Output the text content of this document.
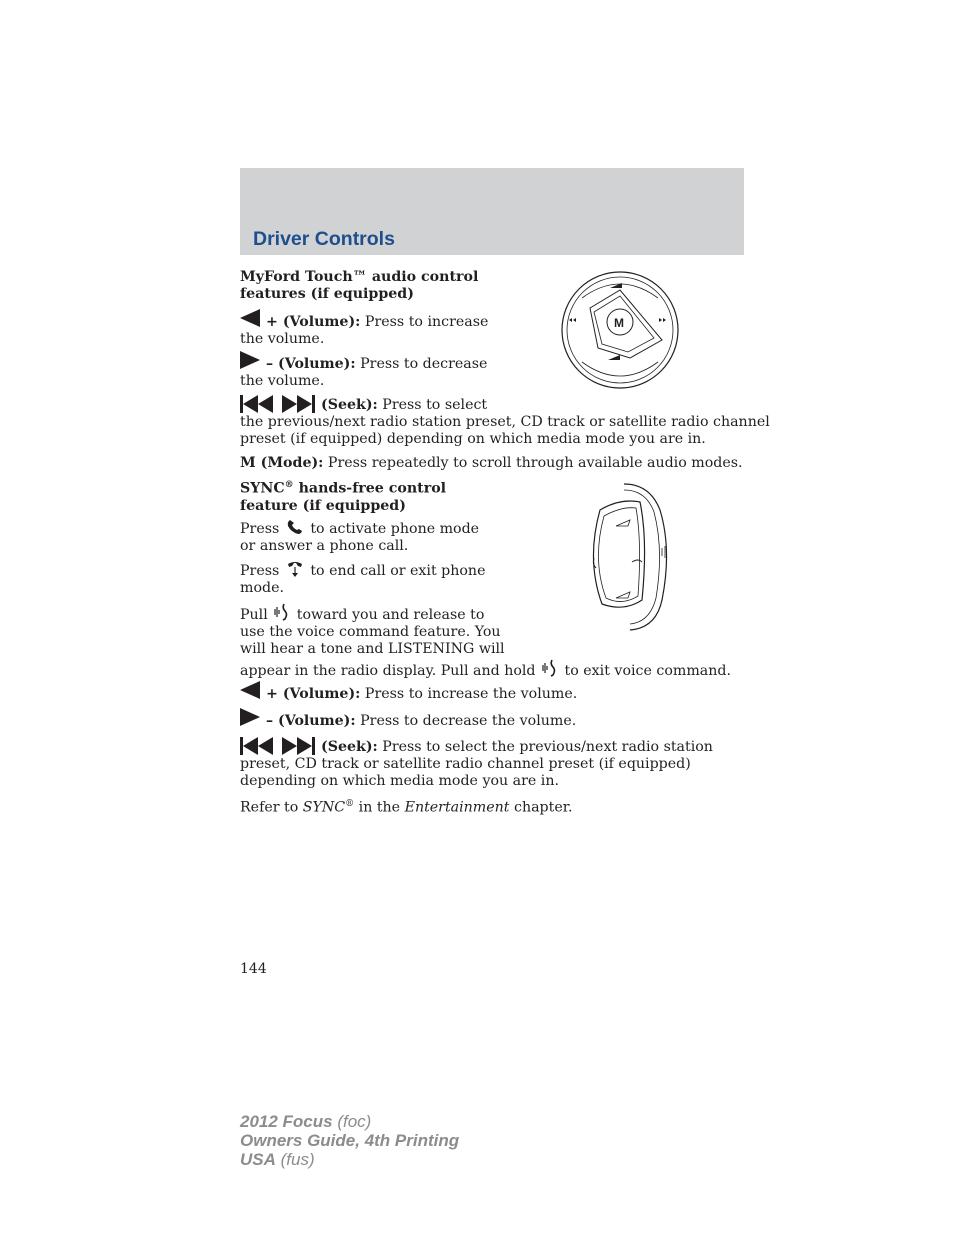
Driver Controls
MyFord Touch™ audio control
features (if equipped)
+ (Volume): Press to increase
the volume.
– (Volume): Press to decrease
the volume.
(Seek): Press to select
the previous/next radio station preset, CD track or satellite radio channel
preset (if equipped) depending on which media mode you are in.
M (Mode): Press repeatedly to scroll through available audio modes.
M
SYNC® hands-free control
feature (if equipped)
Press to activate phone mode
or answer a phone call.
Press to end call or exit phone
mode.
Pull toward you and release to
use the voice command feature. You
will hear a tone and LISTENING will
appear in the radio display. Pull and hold to exit voice command.
+ (Volume): Press to increase the volume.
– (Volume): Press to decrease the volume.
(Seek): Press to select the previous/next radio station
preset, CD track or satellite radio channel preset (if equipped)
depending on which media mode you are in.
Refer to SYNC® in the Entertainment chapter.
144
2012 Focus (foc)
Owners Guide, 4th Printing
USA (fus)
